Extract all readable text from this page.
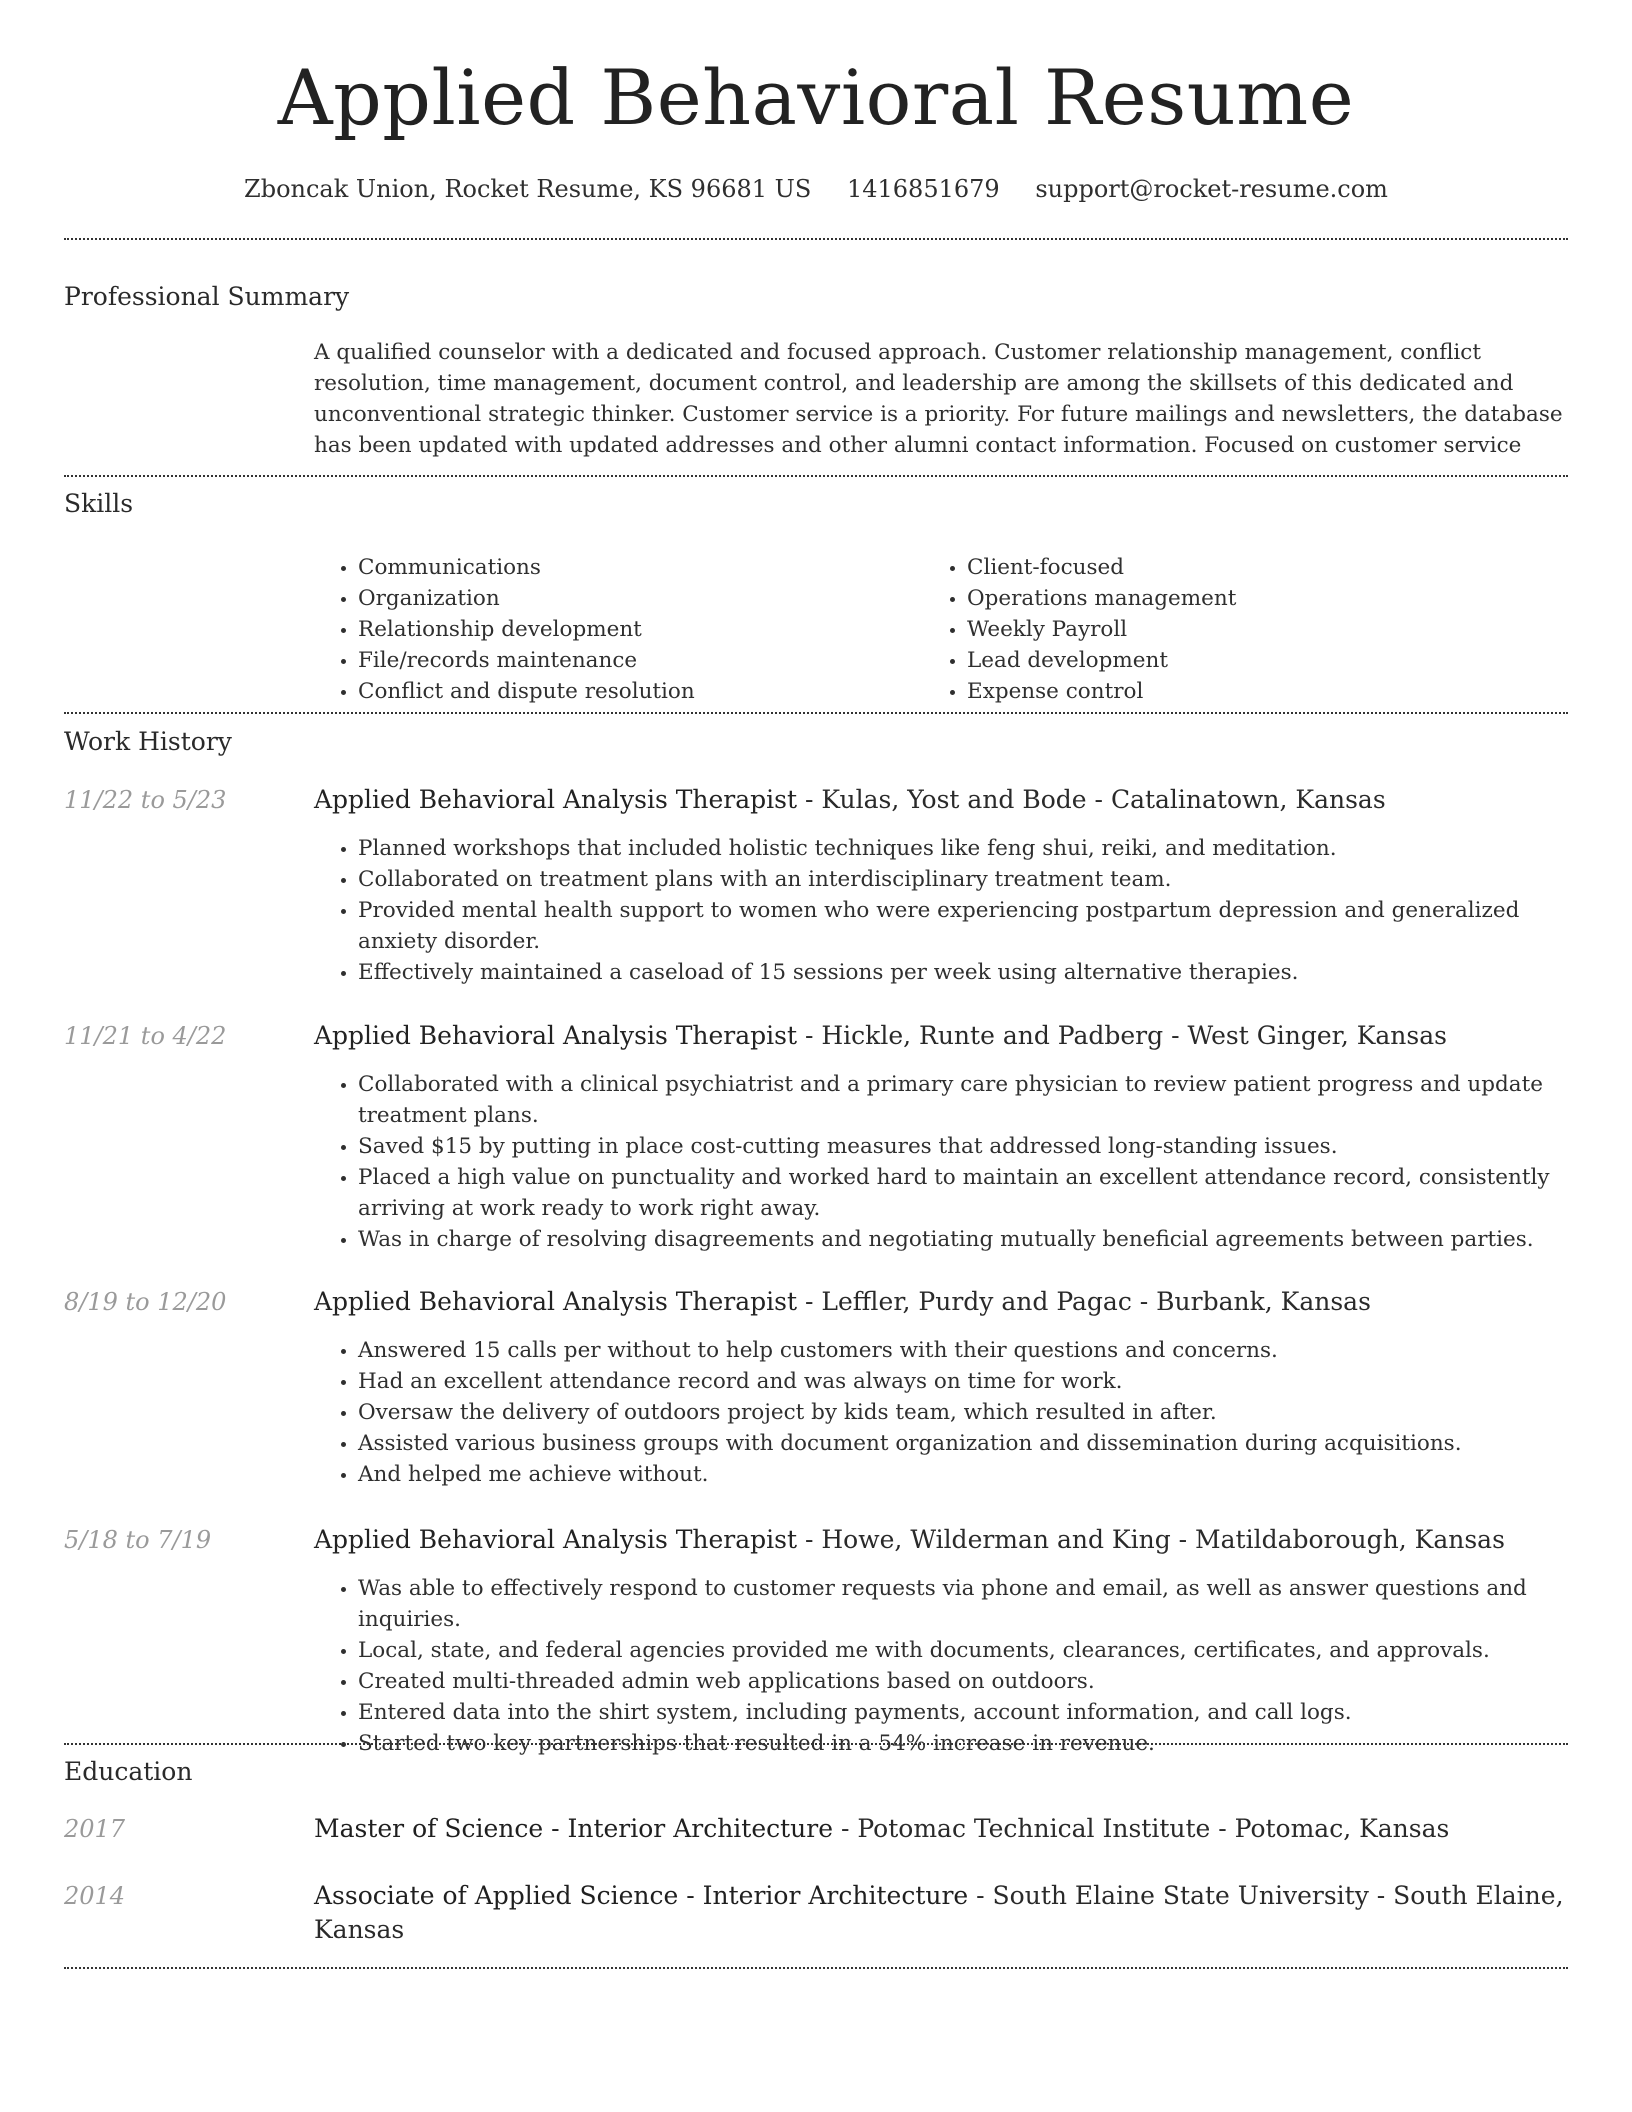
Applied Behavioral Resume
Zboncak Union, Rocket Resume, KS 96681 US 1416851679 support@rocket-resume.com
Professional Summary
A qualified counselor with a dedicated and focused approach. Customer relationship management, conflict resolution, time management, document control, and leadership are among the skillsets of this dedicated and unconventional strategic thinker. Customer service is a priority. For future mailings and newsletters, the database has been updated with updated addresses and other alumni contact information. Focused on customer service
Skills
• Communications
• Organization
• Relationship development
• File/records maintenance
• Conflict and dispute resolution
• Client-focused
• Operations management
• Weekly Payroll
• Lead development
• Expense control
Work History
11/22 to 5/23	Applied Behavioral Analysis Therapist - Kulas, Yost and Bode - Catalinatown, Kansas
• Planned workshops that included holistic techniques like feng shui, reiki, and meditation.
• Collaborated on treatment plans with an interdisciplinary treatment team.
• Provided mental health support to women who were experiencing postpartum depression and generalized anxiety disorder.
• Effectively maintained a caseload of 15 sessions per week using alternative therapies.
11/21 to 4/22	Applied Behavioral Analysis Therapist - Hickle, Runte and Padberg - West Ginger, Kansas
• Collaborated with a clinical psychiatrist and a primary care physician to review patient progress and update treatment plans.
• Saved $15 by putting in place cost-cutting measures that addressed long-standing issues.
• Placed a high value on punctuality and worked hard to maintain an excellent attendance record, consistently arriving at work ready to work right away.
• Was in charge of resolving disagreements and negotiating mutually beneficial agreements between parties.
8/19 to 12/20	Applied Behavioral Analysis Therapist - Leffler, Purdy and Pagac - Burbank, Kansas
• Answered 15 calls per without to help customers with their questions and concerns.
• Had an excellent attendance record and was always on time for work.
• Oversaw the delivery of outdoors project by kids team, which resulted in after.
• Assisted various business groups with document organization and dissemination during acquisitions.
• And helped me achieve without.
5/18 to 7/19	Applied Behavioral Analysis Therapist - Howe, Wilderman and King - Matildaborough, Kansas
• Was able to effectively respond to customer requests via phone and email, as well as answer questions and inquiries.
• Local, state, and federal agencies provided me with documents, clearances, certificates, and approvals.
• Created multi-threaded admin web applications based on outdoors.
• Entered data into the shirt system, including payments, account information, and call logs.
• Started two key partnerships that resulted in a 54% increase in revenue.
Education
2017	Master of Science - Interior Architecture - Potomac Technical Institute - Potomac, Kansas
2014	Associate of Applied Science - Interior Architecture - South Elaine State University - South Elaine, Kansas
